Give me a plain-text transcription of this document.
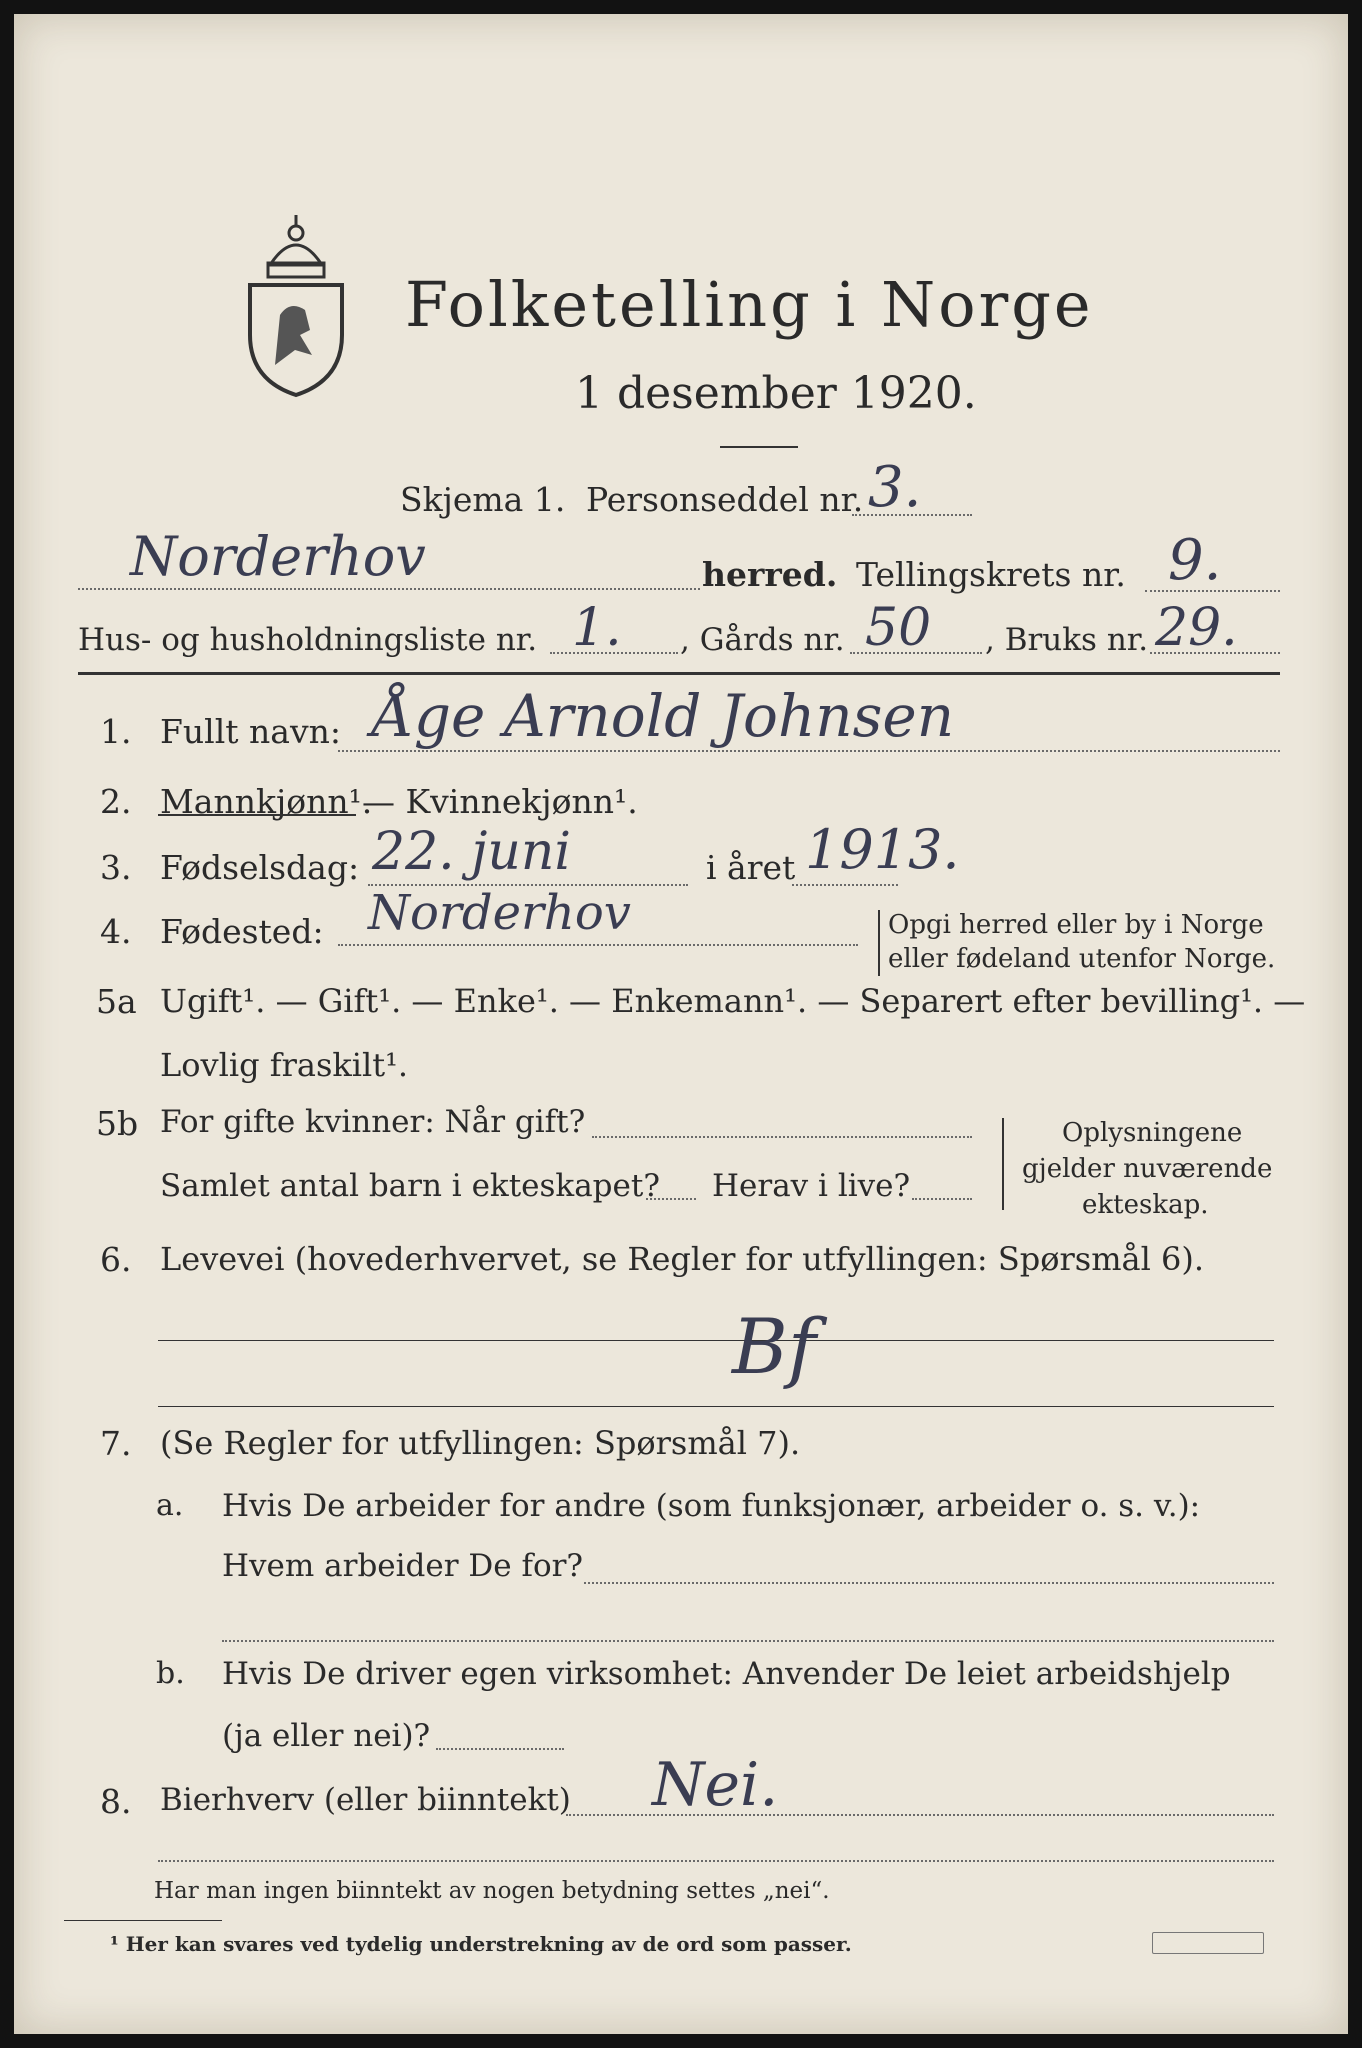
Folketelling i Norge
1 desember 1920.
Skjema 1. Personseddel nr. 3.
Norderhov	herred. Tellingskrets nr. 9.
Hus- og husholdningsliste nr. 1. , Gårds nr. 50 , Bruks nr. 29.
1. Fullt navn: Åge Arnold Johnsen
2. Mannkjønn¹.
— Kvinnekjønn¹.
3. Fødselsdag: 22. juni	i året 1913.
4. Fødested: Norderhov	Opgi herred eller by i Norge
eller fødeland utenfor Norge.
5a Ugift¹. — Gift¹. — Enke¹. — Enkemann¹. — Separert efter bevilling¹. —
Lovlig fraskilt¹.
5b For gifte kvinner: Når gift?
Samlet antal barn i ekteskapet? Herav i live?
Oplysningene
gjelder nuværende
ekteskap.
6. Levevei (hovederhvervet, se Regler for utfyllingen: Spørsmål 6).
Bf
7. (Se Regler for utfyllingen: Spørsmål 7).
a. Hvis De arbeider for andre (som funksjonær, arbeider o. s. v.):
Hvem arbeider De for?
b. Hvis De driver egen virksomhet: Anvender De leiet arbeidshjelp
(ja eller nei)?
8. Bierhverv (eller biinntekt) Nei.
Har man ingen biinntekt av nogen betydning settes „nei“.
¹ Her kan svares ved tydelig understrekning av de ord som passer.
